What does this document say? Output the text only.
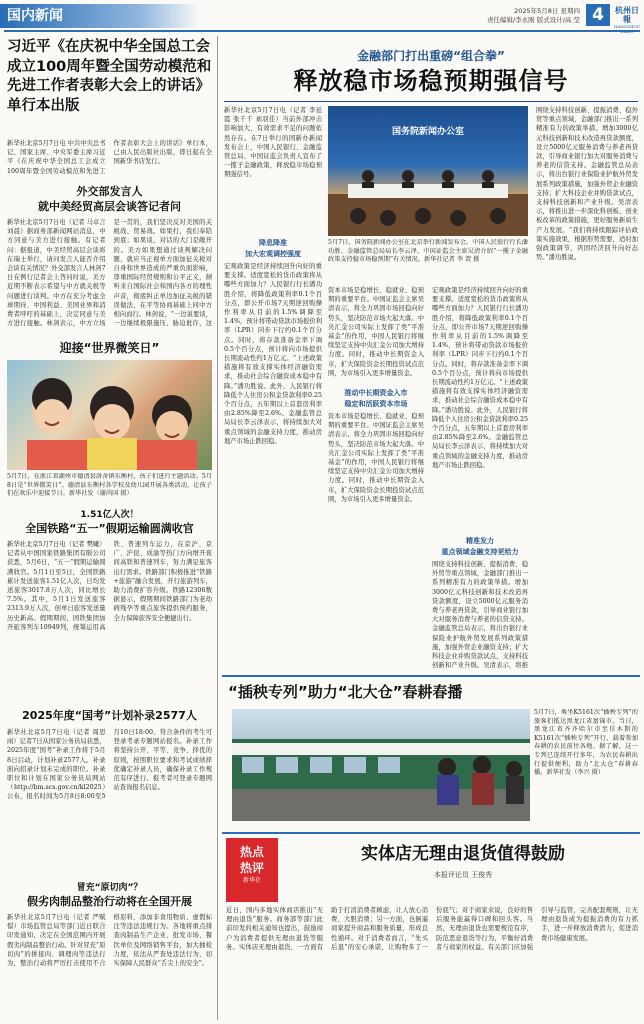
国内新闻	2025年5月8日 星期四
责任编辑/李永刚 版式设计/高 莹 4	杭州日報
HANGZHOU
习近平《在庆祝中华全国总工会成立100周年暨全国劳动模范和先进工作者表彰大会上的讲话》单行本出版
新华社北京5月7日电 中共中央总书记、国家主席、中央军委主席习近平《在庆祝中华全国总工会成立100周年暨全国劳动模范和先进工作者表彰大会上的讲话》单行本，已由人民出版社出版，即日起在全国新华书店发行。
外交部发言人
就中美经贸高层会谈答记者问
新华社北京5月7日电（记者 马卓言 刘晨）据商务部新闻网站消息，中方同意与美方进行接触。有记者问：据报道，中美经贸高层会谈将在瑞士举行，请问发言人能否介绍会谈有关情况？外交部发言人林剑7日在例行记者会上答问时说，美方近期不断表示希望与中方就关税等问题进行谈判。中方在充分考虑全球期待、中国利益、美国业界和消费者呼吁的基础上，决定同意与美方进行接触。林剑表示，中方立场是一贯的，我们坚决反对美国的关税战、贸易战。如果打，我们奉陪到底；如果谈，对话的大门是敞开的。美方如果想通过谈判解决问题，就应当正视单方面加征关税对自身和世界造成的严重负面影响，尊重国际经贸规则和公平正义，倾听来自国际社会和国内各方的理性声音，彻底纠正单边加征关税的错误做法，在平等协商基础上同中方相向而行。林剑说，“一边说要谈，一边继续极限施压、胁迫讹诈，这
迎接“世界微笑日”
5月7日，在浙江省湖州市德清县洛舍镇东衡村，孩子们进行主题活动。5月8日是“世界微笑日”。德清县东衡村各学校及幼儿园开展各类活动，让孩子们在欢乐中迎接节日。新华社发（谢尚国 摄）
1.51亿人次！
全国铁路“五一”假期运输圆满收官
新华社北京5月7日电（记者 樊曦）记者从中国国家铁路集团有限公司获悉，5月6日，“五一”假期运输圆满收官。5月1日至5日，全国铁路累计发送旅客1.51亿人次，日均发送旅客3017.8万人次，同比增长7.5%。其中，5月1日发送旅客2313.9万人次，创单日旅客发送量历史新高。假期期间，国铁集团加开旅客列车10949列，统筹运用高铁、普速列车运力，在京沪、京广、沪昆、成渝等热门方向增开夜间高铁和普速列车，努力满足旅客出行需求。铁路部门积极推进“铁路+旅游”融合发展，开行旅游列车，助力消费扩容升级。铁路12306数据显示，假期期间铁路部门为老幼病残孕等重点旅客提供预约服务，全力保障旅客安全便捷出行。
2025年度“国考”计划补录2577人
新华社北京5月7日电（记者 周思雨）记者7日从国家公务员局获悉，2025年度“国考”补录工作将于5月8日启动，计划补录2577人。补录面向招录计划未完成的职位。补录职位和计划在国家公务员局网站（http://bm.scs.gov.cn/kl2025）公布，报名时间为5月8日8:00至5月10日18:00。符合条件的考生可登录考录专题网站报名。补录工作将坚持公开、平等、竞争、择优的原则，按照职位要求和考试成绩择优确定补录人员，确保补录工作规范有序进行。报考者可登录专题网站查询报名信息。
冒充“原切肉”？
假劣肉制品整治行动将在全国开展
新华社北京5月7日电（记者 严赋憬）市场监管总局等部门近日联合印发通知，决定在全国范围内开展假劣肉制品整治行动。针对冒充“原切肉”的拼接肉、调理肉等违法行为，整治行动将严厉打击使用不合格原料、添加非食用物质、虚假标注等违法违规行为。各地将重点排查肉制品生产企业、批发市场、餐饮单位及网络销售平台，加大抽检力度，依法从严查处违法行为，切实保障人民群众“舌尖上的安全”。
金融部门打出重磅“组合拳”
释放稳市场稳预期强信号
新华社北京5月7日电（记者 李延霞 张千千 刘羽佳）当前外部冲击影响加大，有效需求不足的问题依然存在。在7日举行的国新办新闻发布会上，中国人民银行、金融监管总局、中国证监会负责人宣布了一揽子金融政策，释放稳市场稳预期强信号。
降息降准
加大宏观调控强度
宏观政策是经济持续回升向好的重要支撑。适度宽松的货币政策将从哪些方面加力？人民银行行长潘功胜介绍，将降低政策利率0.1个百分点，即公开市场7天期逆回购操作利率从目前的1.5%调降至1.4%，预计将带动贷款市场报价利率（LPR）同步下行约0.1个百分点。同时，将存款准备金率下调0.5个百分点，预计将向市场提供长期流动性约1万亿元。“上述政策措施将有效支撑实体经济融资需求，推动社会综合融资成本稳中有降。”潘功胜说。此外，人民银行将降低个人住房公积金贷款利率0.25个百分点，五年期以上首套房利率由2.85%降至2.6%。金融监管总局局长李云泽表示，将持续加大对重点领域的金融支持力度，推动房地产市场止跌回稳。
国务院新闻办公室
5月7日，国务院新闻办公室在北京举行新闻发布会。中国人民银行行长潘功胜、金融监管总局局长李云泽、中国证监会主席吴清介绍“一揽子金融政策支持稳市场稳预期”有关情况。新华社记者 李 贺 摄
资本市场是稳增长、稳就业、稳预期的重要平台。中国证监会主席吴清表示，将全力巩固市场回稳向好势头，坚决防范市场大起大落。中央汇金公司实际上发挥了类“平准基金”的作用，中国人民银行将继续坚定支持中央汇金公司加大增持力度。同时，推动中长期资金入市，扩大保险资金长期投资试点范围，为市场引入更多增量资金。
推动中长期资金入市
稳定和活跃资本市场
资本市场是稳增长、稳就业、稳预期的重要平台。中国证监会主席吴清表示，将全力巩固市场回稳向好势头，坚决防范市场大起大落。中央汇金公司实际上发挥了类“平准基金”的作用，中国人民银行将继续坚定支持中央汇金公司加大增持力度。同时，推动中长期资金入市，扩大保险资金长期投资试点范围，为市场引入更多增量资金。
宏观政策是经济持续回升向好的重要支撑。适度宽松的货币政策将从哪些方面加力？人民银行行长潘功胜介绍，将降低政策利率0.1个百分点，即公开市场7天期逆回购操作利率从目前的1.5%调降至1.4%，预计将带动贷款市场报价利率（LPR）同步下行约0.1个百分点。同时，将存款准备金率下调0.5个百分点，预计将向市场提供长期流动性约1万亿元。“上述政策措施将有效支撑实体经济融资需求，推动社会综合融资成本稳中有降。”潘功胜说。此外，人民银行将降低个人住房公积金贷款利率0.25个百分点，五年期以上首套房利率由2.85%降至2.6%。金融监管总局局长李云泽表示，将持续加大对重点领域的金融支持力度，推动房地产市场止跌回稳。
精准发力
重点领域金融支持更给力
围绕支持科技创新、提振消费、稳外贸等重点领域，金融部门推出一系列精准有力的政策举措。增加3000亿元科技创新和技术改造再贷款额度，设立5000亿元服务消费与养老再贷款，引导商业银行加大对服务消费与养老的信贷支持。金融监管总局表示，将出台银行业保险业护航外贸发展系列政策措施，加强外贸企业融资支持；扩大科技企业并购贷款试点，支持科技创新和产业升级。吴清表示，将推
围绕支持科技创新、提振消费、稳外贸等重点领域，金融部门推出一系列精准有力的政策举措。增加3000亿元科技创新和技术改造再贷款额度，设立5000亿元服务消费与养老再贷款，引导商业银行加大对服务消费与养老的信贷支持。金融监管总局表示，将出台银行业保险业护航外贸发展系列政策措施，加强外贸企业融资支持；扩大科技企业并购贷款试点，支持科技创新和产业升级。吴清表示，将推出进一步深化科创板、创业板改革的政策措施，更好服务新质生产力发展。“我们将持续跟踪评估政策实施效果，根据形势需要，适时加强政策调节，巩固经济回升向好态势。”潘功胜说。
“插秧专列”助力“北大仓”春耕春播
5月7日，乘坐K5161次“插秧专列”的旅客们抵达黑龙江省富锦市。当日，黑龙江省齐齐哈尔市至佳木斯的K5161次“插秧专列”开行，载着参加春耕的农民前往各地。据了解，这一专列已连续开行多年，为农民春耕出行提供便利，助力“北大仓”春耕春播。新华社发（李兴 摄）
热点
热评
新华社
实体店无理由退货值得鼓励
本报评论员 王俊秀
近日，国内多地实体商店推出“无理由退货”服务。商务部等部门此前印发的相关通知也提出，鼓励商户为消费者提供无理由退货等服务。实体店无理由退货，一方面有助于打消消费者顾虑，让人放心消费、大胆消费；另一方面，也倒逼商家提升商品和服务质量，形成良性循环。对于消费者而言，“先买后退”的安心承诺，让购物多了一份底气；对于商家来说，良好的售后服务能赢得口碑和回头客。当然，无理由退货也需要规范有序，防范恶意退货等行为，平衡好消费者与商家的权益。有关部门应加强引导与监管，完善配套规则，让无理由退货成为提振消费的有力抓手，进一步释放消费潜力，促进消费市场健康发展。
